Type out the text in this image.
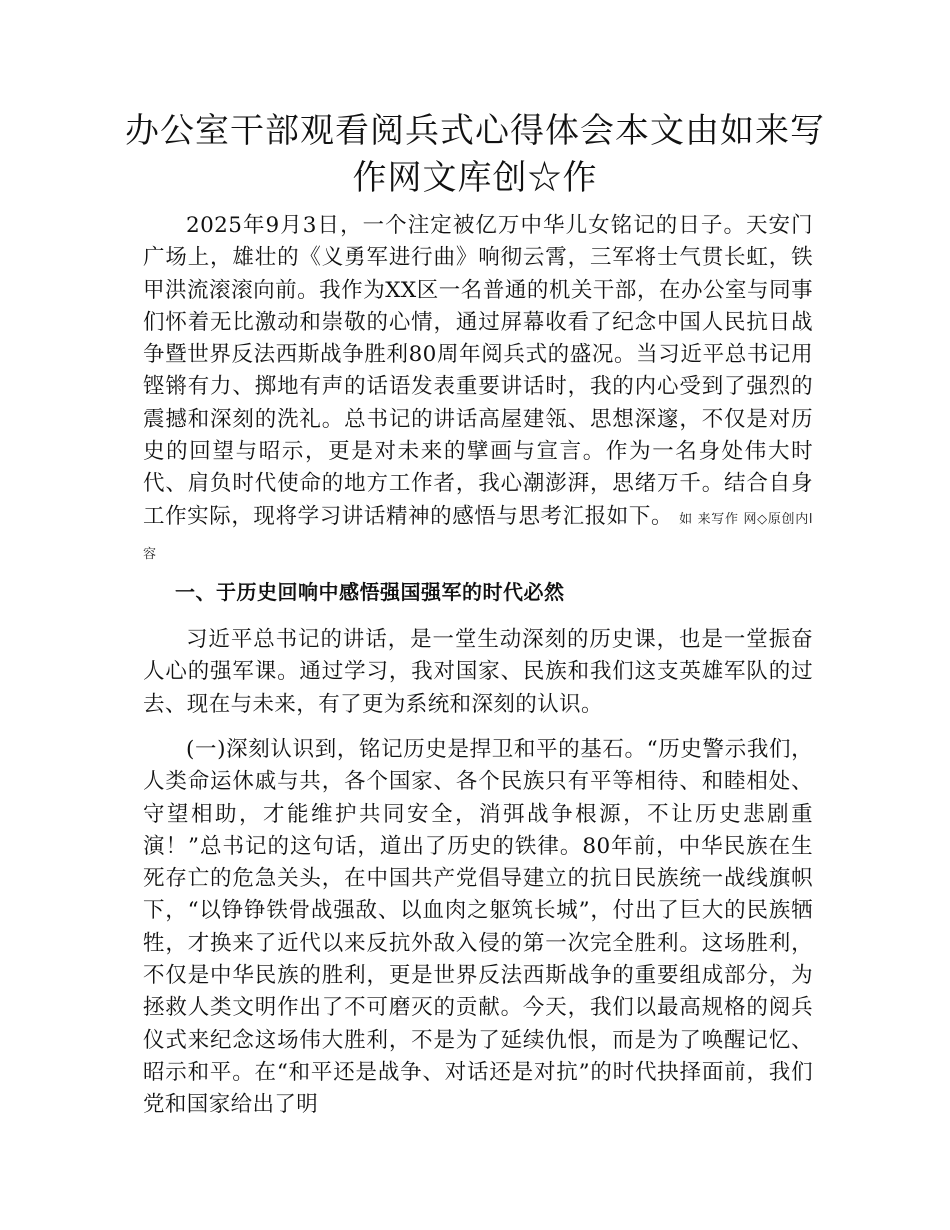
办公室干部观看阅兵式心得体会本文由如来写作网文库创☆作

2025年9月3日，一个注定被亿万中华儿女铭记的日子。天安门广场上，雄壮的《义勇军进行曲》响彻云霄，三军将士气贯长虹，铁甲洪流滚滚向前。我作为XX区一名普通的机关干部，在办公室与同事们怀着无比激动和崇敬的心情，通过屏幕收看了纪念中国人民抗日战争暨世界反法西斯战争胜利80周年阅兵式的盛况。当习近平总书记用铿锵有力、掷地有声的话语发表重要讲话时，我的内心受到了强烈的震撼和深刻的洗礼。总书记的讲话高屋建瓴、思想深邃，不仅是对历史的回望与昭示，更是对未来的擘画与宣言。作为一名身处伟大时代、肩负时代使命的地方工作者，我心潮澎湃，思绪万千。结合自身工作实际，现将学习讲话精神的感悟与思考汇报如下。 如 来写作 网◇原创内l容

一、于历史回响中感悟强国强军的时代必然

习近平总书记的讲话，是一堂生动深刻的历史课，也是一堂振奋人心的强军课。通过学习，我对国家、民族和我们这支英雄军队的过去、现在与未来，有了更为系统和深刻的认识。

(一)深刻认识到，铭记历史是捍卫和平的基石。“历史警示我们，人类命运休戚与共，各个国家、各个民族只有平等相待、和睦相处、守望相助，才能维护共同安全，消弭战争根源，不让历史悲剧重演！”总书记的这句话，道出了历史的铁律。80年前，中华民族在生死存亡的危急关头，在中国共产党倡导建立的抗日民族统一战线旗帜下，“以铮铮铁骨战强敌、以血肉之躯筑长城”，付出了巨大的民族牺牲，才换来了近代以来反抗外敌入侵的第一次完全胜利。这场胜利，不仅是中华民族的胜利，更是世界反法西斯战争的重要组成部分，为拯救人类文明作出了不可磨灭的贡献。今天，我们以最高规格的阅兵仪式来纪念这场伟大胜利，不是为了延续仇恨，而是为了唤醒记忆、昭示和平。在“和平还是战争、对话还是对抗”的时代抉择面前，我们党和国家给出了明
